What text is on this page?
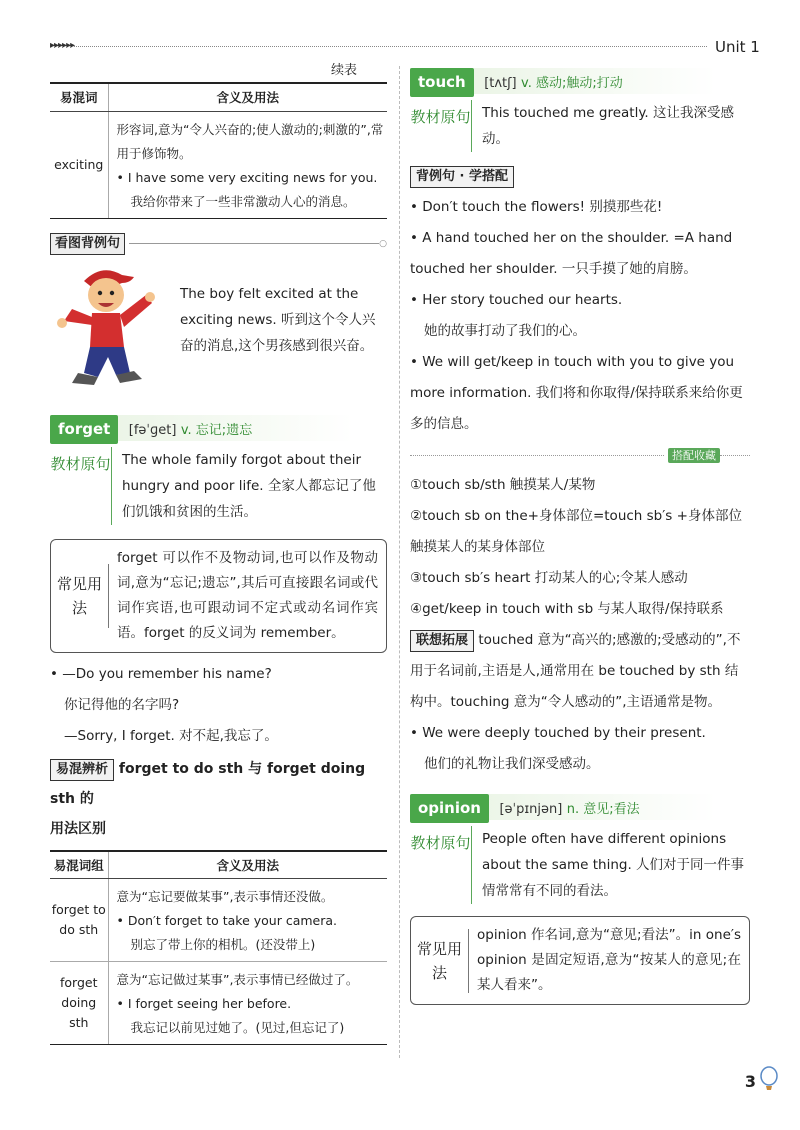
▸▸▸▸▸▸	Unit 1
续表
易混词	含义及用法
exciting	形容词,意为“令人兴奋的;使人激动的;刺激的”,常用于修饰物。
• I have some very exciting news for you.
我给你带来了一些非常激动人心的消息。
看图背例句	○
The boy felt excited at the exciting news. 听到这个令人兴奋的消息,这个男孩感到很兴奋。
forget [fəˈɡet] v. 忘记;遗忘
教材原句 The whole family forgot about their hungry and poor life. 全家人都忘记了他们饥饿和贫困的生活。
常见用法
forget 可以作不及物动词,也可以作及物动词,意为“忘记;遗忘”,其后可直接跟名词或代词作宾语,也可跟动词不定式或动名词作宾语。forget 的反义词为 remember。

• —Do you remember his name?

你记得他的名字吗?

—Sorry, I forget. 对不起,我忘了。

易混辨析 forget to do sth 与 forget doing sth 的
用法区别
易混词组	含义及用法
forget to do sth	意为“忘记要做某事”,表示事情还没做。
• Don′t forget to take your camera.
别忘了带上你的相机。(还没带上)

forget doing sth	意为“忘记做过某事”,表示事情已经做过了。
• I forget seeing her before.
我忘记以前见过她了。(见过,但忘记了)
touch [tʌtʃ] v. 感动;触动;打动
教材原句 This touched me greatly. 这让我深受感动。
背例句 · 学搭配

• Don′t touch the flowers! 别摸那些花!

• A hand touched her on the shoulder. =A hand touched her shoulder. 一只手摸了她的肩膀。

• Her story touched our hearts.

她的故事打动了我们的心。

• We will get/keep in touch with you to give you more information. 我们将和你取得/保持联系来给你更多的信息。

搭配收藏

①touch sb/sth 触摸某人/某物

②touch sb on the+身体部位=touch sb′s +身体部位 触摸某人的某身体部位

③touch sb′s heart 打动某人的心;令某人感动

④get/keep in touch with sb 与某人取得/保持联系

联想拓展 touched 意为“高兴的;感激的;受感动的”,不用于名词前,主语是人,通常用在 be touched by sth 结构中。touching 意为“令人感动的”,主语通常是物。

• We were deeply touched by their present.

他们的礼物让我们深受感动。

opinion [əˈpɪnjən] n. 意见;看法
教材原句 People often have different opinions about the same thing. 人们对于同一件事情常常有不同的看法。
常见用法
opinion 作名词,意为“意见;看法”。in one′s opinion 是固定短语,意为“按某人的意见;在某人看来”。
3
